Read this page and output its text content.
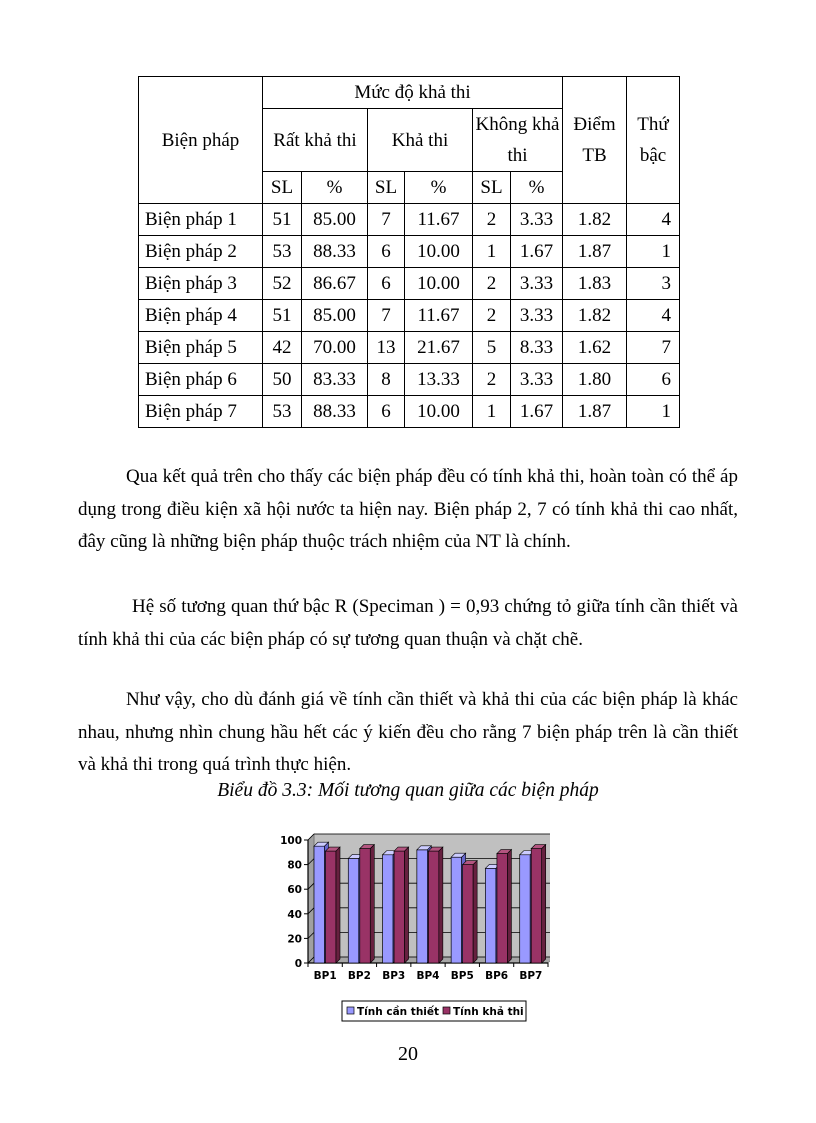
Biện pháp	Mức độ khả thi						Điểm TB	Thứ bậc
	Rất khả thi		Khả thi		Không khả thi			
	SL	%	SL	%	SL	%		
Biện pháp 1	51	85.00	7	11.67	2	3.33	1.82	4
Biện pháp 2	53	88.33	6	10.00	1	1.67	1.87	1
Biện pháp 3	52	86.67	6	10.00	2	3.33	1.83	3
Biện pháp 4	51	85.00	7	11.67	2	3.33	1.82	4
Biện pháp 5	42	70.00	13	21.67	5	8.33	1.62	7
Biện pháp 6	50	83.33	8	13.33	2	3.33	1.80	6
Biện pháp 7	53	88.33	6	10.00	1	1.67	1.87	1

Qua kết quả trên cho thấy các biện pháp đều có tính khả thi, hoàn toàn có thể áp dụng trong điều kiện xã hội nước ta hiện nay. Biện pháp 2, 7 có tính khả thi cao nhất, đây cũng là những biện pháp thuộc trách nhiệm của NT là chính.

Hệ số tương quan thứ bậc R (Speciman ) = 0,93 chứng tỏ giữa tính cần thiết và tính khả thi của các biện pháp có sự tương quan thuận và chặt chẽ.

Như vậy, cho dù đánh giá về tính cần thiết và khả thi của các biện pháp là khác nhau, nhưng nhìn chung hầu hết các ý kiến đều cho rằng 7 biện pháp trên là cần thiết và khả thi trong quá trình thực hiện.

Biểu đồ 3.3: Mối tương quan giữa các biện pháp

0
20
40
60
80
100
BP1 BP2 BP3 BP4 BP5 BP6 BP7
Tính cần thiết Tính khả thi
20
